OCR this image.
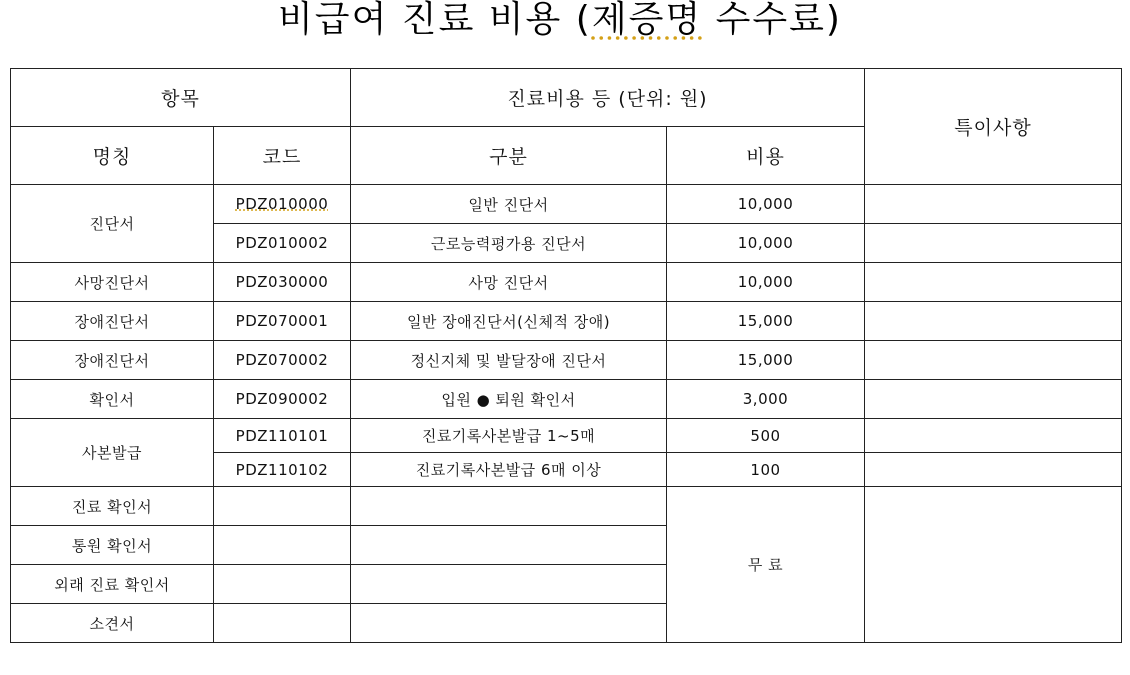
비급여 진료 비용 (제증명 수수료)
항목		진료비용 등 (단위: 원)		특이사항
명칭	코드	구분	비용	
진단서	PDZ010000	일반 진단서	10,000	
	PDZ010002	근로능력평가용 진단서	10,000	
사망진단서	PDZ030000	사망 진단서	10,000	
장애진단서	PDZ070001	일반 장애진단서(신체적 장애)	15,000	
장애진단서	PDZ070002	정신지체 및 발달장애 진단서	15,000	
확인서	PDZ090002	입원 ● 퇴원 확인서	3,000	
사본발급	PDZ110101	진료기록사본발급 1~5매	500	
	PDZ110102	진료기록사본발급 6매 이상	100	
진료 확인서			무 료	
통원 확인서				
외래 진료 확인서				
소견서				
